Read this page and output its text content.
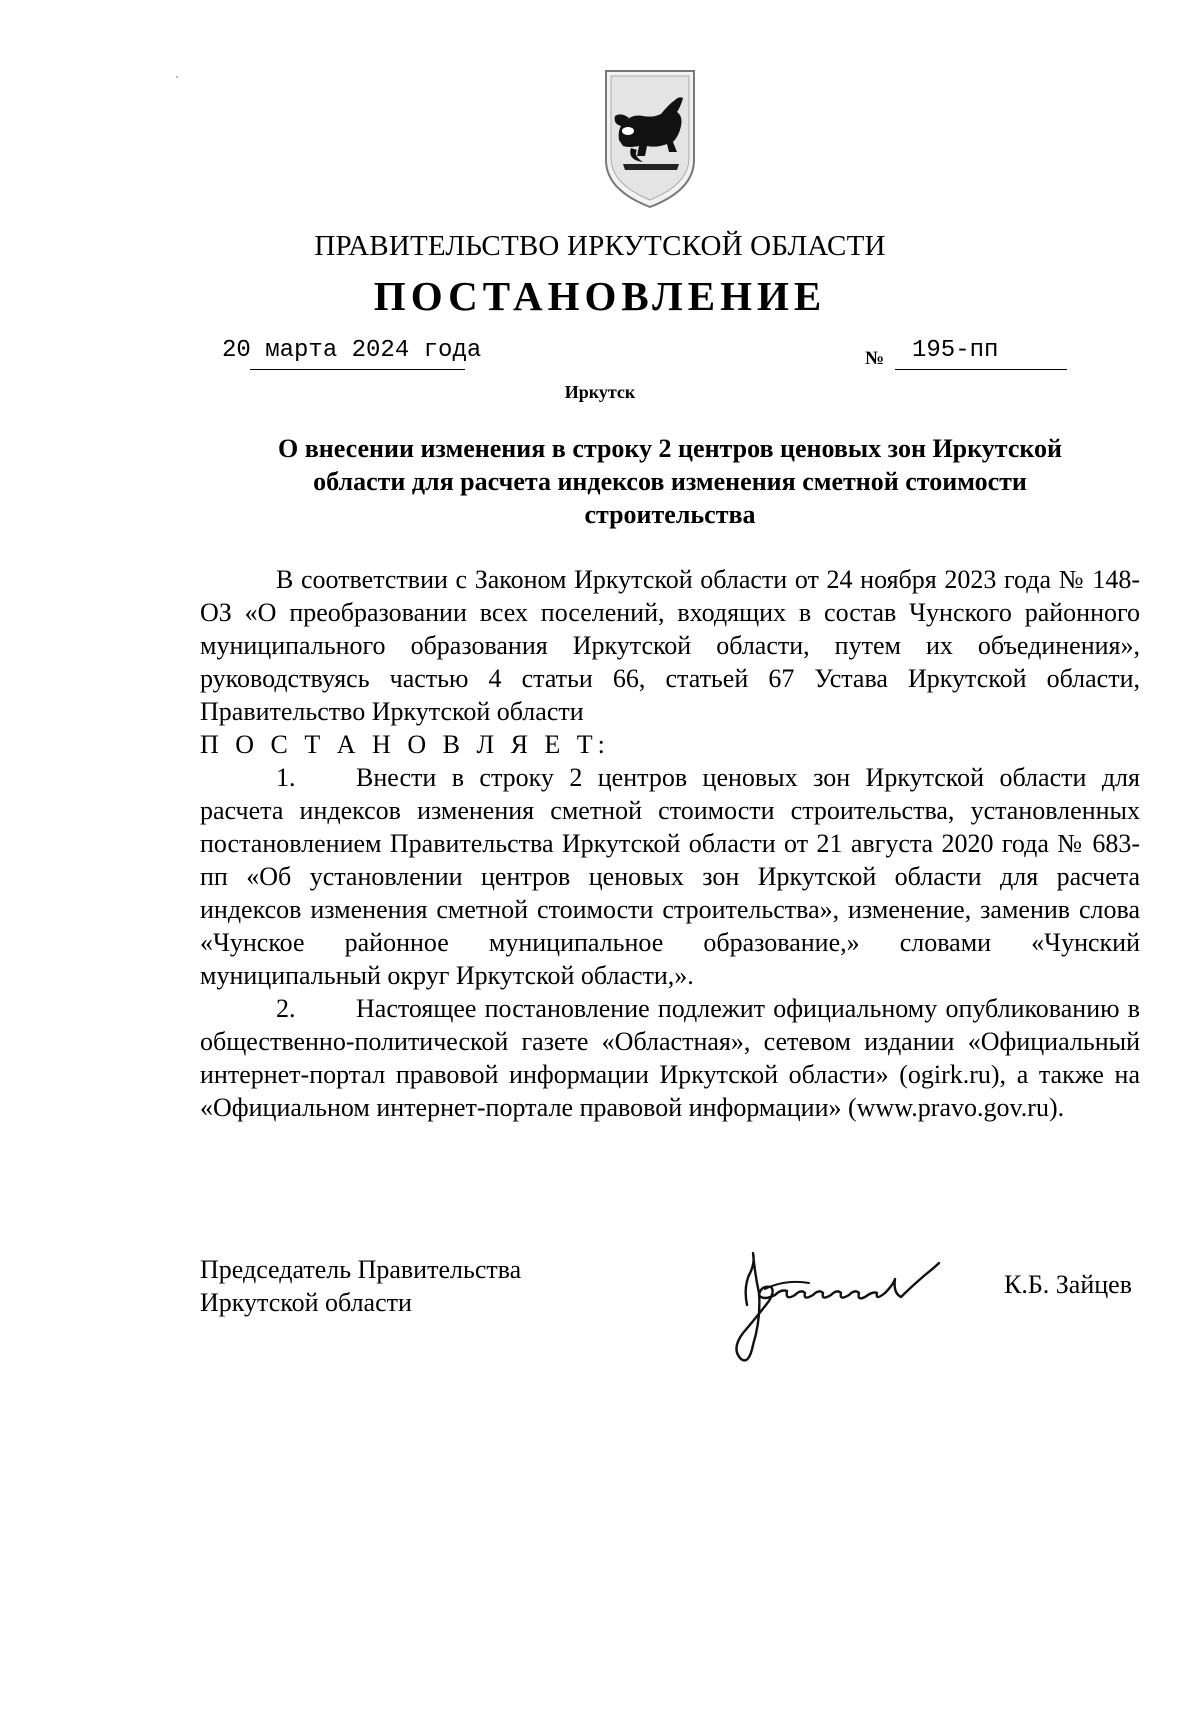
ПРАВИТЕЛЬСТВО ИРКУТСКОЙ ОБЛАСТИ
ПОСТАНОВЛЕНИЕ
20 марта 2024 года	№ 195-пп
Иркутск
О внесении изменения в строку 2 центров ценовых зон Иркутской
области для расчета индексов изменения сметной стоимости
строительства

В соответствии с Законом Иркутской области от 24 ноября 2023 года № 148-ОЗ «О преобразовании всех поселений, входящих в состав Чунского районного муниципального образования Иркутской области, путем их объединения», руководствуясь частью 4 статьи 66, статьей 67 Устава Иркутской области, Правительство Иркутской области

П О С Т А Н О В Л Я Е Т:

1. Внести в строку 2 центров ценовых зон Иркутской области для расчета индексов изменения сметной стоимости строительства, установленных постановлением Правительства Иркутской области от 21 августа 2020 года № 683-пп «Об установлении центров ценовых зон Иркутской области для расчета индексов изменения сметной стоимости строительства», изменение, заменив слова «Чунское районное муниципальное образование,» словами «Чунский муниципальный округ Иркутской области,».

2. Настоящее постановление подлежит официальному опубликованию в общественно-политической газете «Областная», сетевом издании «Официальный интернет-портал правовой информации Иркутской области» (ogirk.ru), а также на «Официальном интернет-портале правовой информации» (www.pravo.gov.ru).

Председатель Правительства
Иркутской области
К.Б. Зайцев
